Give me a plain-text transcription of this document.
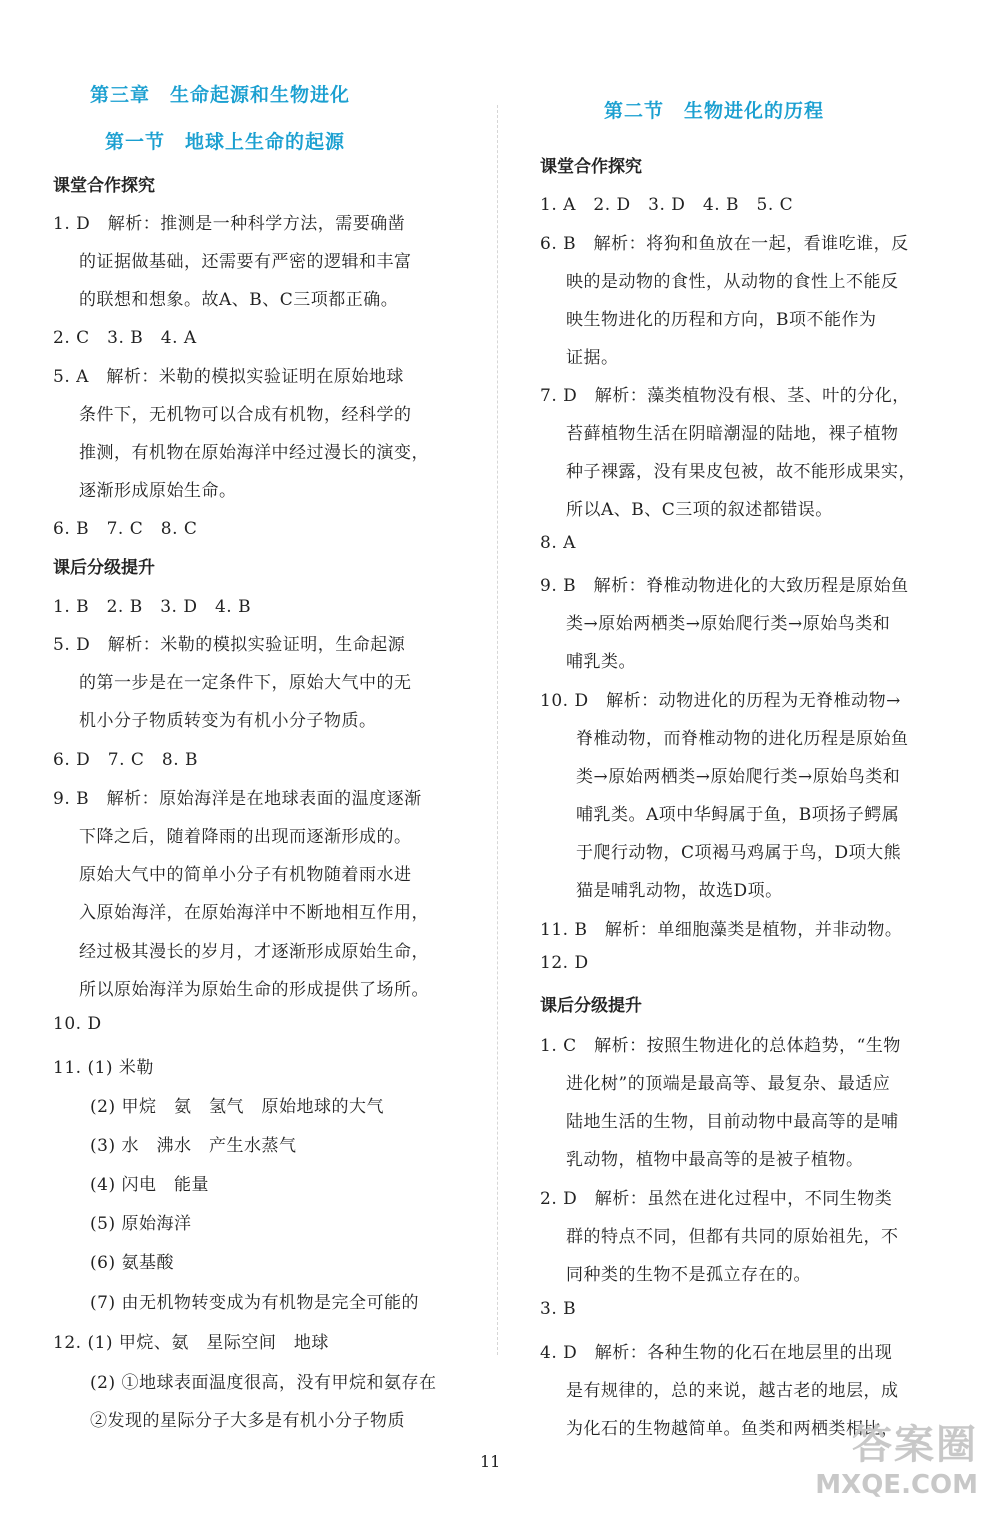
第三章　生命起源和生物进化
第一节　地球上生命的起源
课堂合作探究
1. D　解析：推测是一种科学方法，需要确凿
的证据做基础，还需要有严密的逻辑和丰富
的联想和想象。故A、B、C三项都正确。
2. C　3. B　4. A
5. A　解析：米勒的模拟实验证明在原始地球
条件下，无机物可以合成有机物，经科学的
推测，有机物在原始海洋中经过漫长的演变，
逐渐形成原始生命。
6. B　7. C　8. C
课后分级提升
1. B　2. B　3. D　4. B
5. D　解析：米勒的模拟实验证明，生命起源
的第一步是在一定条件下，原始大气中的无
机小分子物质转变为有机小分子物质。
6. D　7. C　8. B
9. B　解析：原始海洋是在地球表面的温度逐渐
下降之后，随着降雨的出现而逐渐形成的。
原始大气中的简单小分子有机物随着雨水进
入原始海洋，在原始海洋中不断地相互作用，
经过极其漫长的岁月，才逐渐形成原始生命，
所以原始海洋为原始生命的形成提供了场所。
10. D
11. (1) 米勒
(2) 甲烷　氨　氢气　原始地球的大气
(3) 水　沸水　产生水蒸气
(4) 闪电　能量
(5) 原始海洋
(6) 氨基酸
(7) 由无机物转变成为有机物是完全可能的
12. (1) 甲烷、氨　星际空间　地球
(2) ①地球表面温度很高，没有甲烷和氨存在
②发现的星际分子大多是有机小分子物质
第二节　生物进化的历程
课堂合作探究
1. A　2. D　3. D　4. B　5. C
6. B　解析：将狗和鱼放在一起，看谁吃谁，反
映的是动物的食性，从动物的食性上不能反
映生物进化的历程和方向，B项不能作为
证据。
7. D　解析：藻类植物没有根、茎、叶的分化，
苔藓植物生活在阴暗潮湿的陆地，裸子植物
种子裸露，没有果皮包被，故不能形成果实，
所以A、B、C三项的叙述都错误。
8. A
9. B　解析：脊椎动物进化的大致历程是原始鱼
类→原始两栖类→原始爬行类→原始鸟类和
哺乳类。
10. D　解析：动物进化的历程为无脊椎动物→
脊椎动物，而脊椎动物的进化历程是原始鱼
类→原始两栖类→原始爬行类→原始鸟类和
哺乳类。A项中华鲟属于鱼，B项扬子鳄属
于爬行动物，C项褐马鸡属于鸟，D项大熊
猫是哺乳动物，故选D项。
11. B　解析：单细胞藻类是植物，并非动物。
12. D
课后分级提升
1. C　解析：按照生物进化的总体趋势，“生物
进化树”的顶端是最高等、最复杂、最适应
陆地生活的生物，目前动物中最高等的是哺
乳动物，植物中最高等的是被子植物。
2. D　解析：虽然在进化过程中，不同生物类
群的特点不同，但都有共同的原始祖先，不
同种类的生物不是孤立存在的。
3. B
4. D　解析：各种生物的化石在地层里的出现
是有规律的，总的来说，越古老的地层，成
为化石的生物越简单。鱼类和两栖类相比，
11	答案圈
MXQE.COM
